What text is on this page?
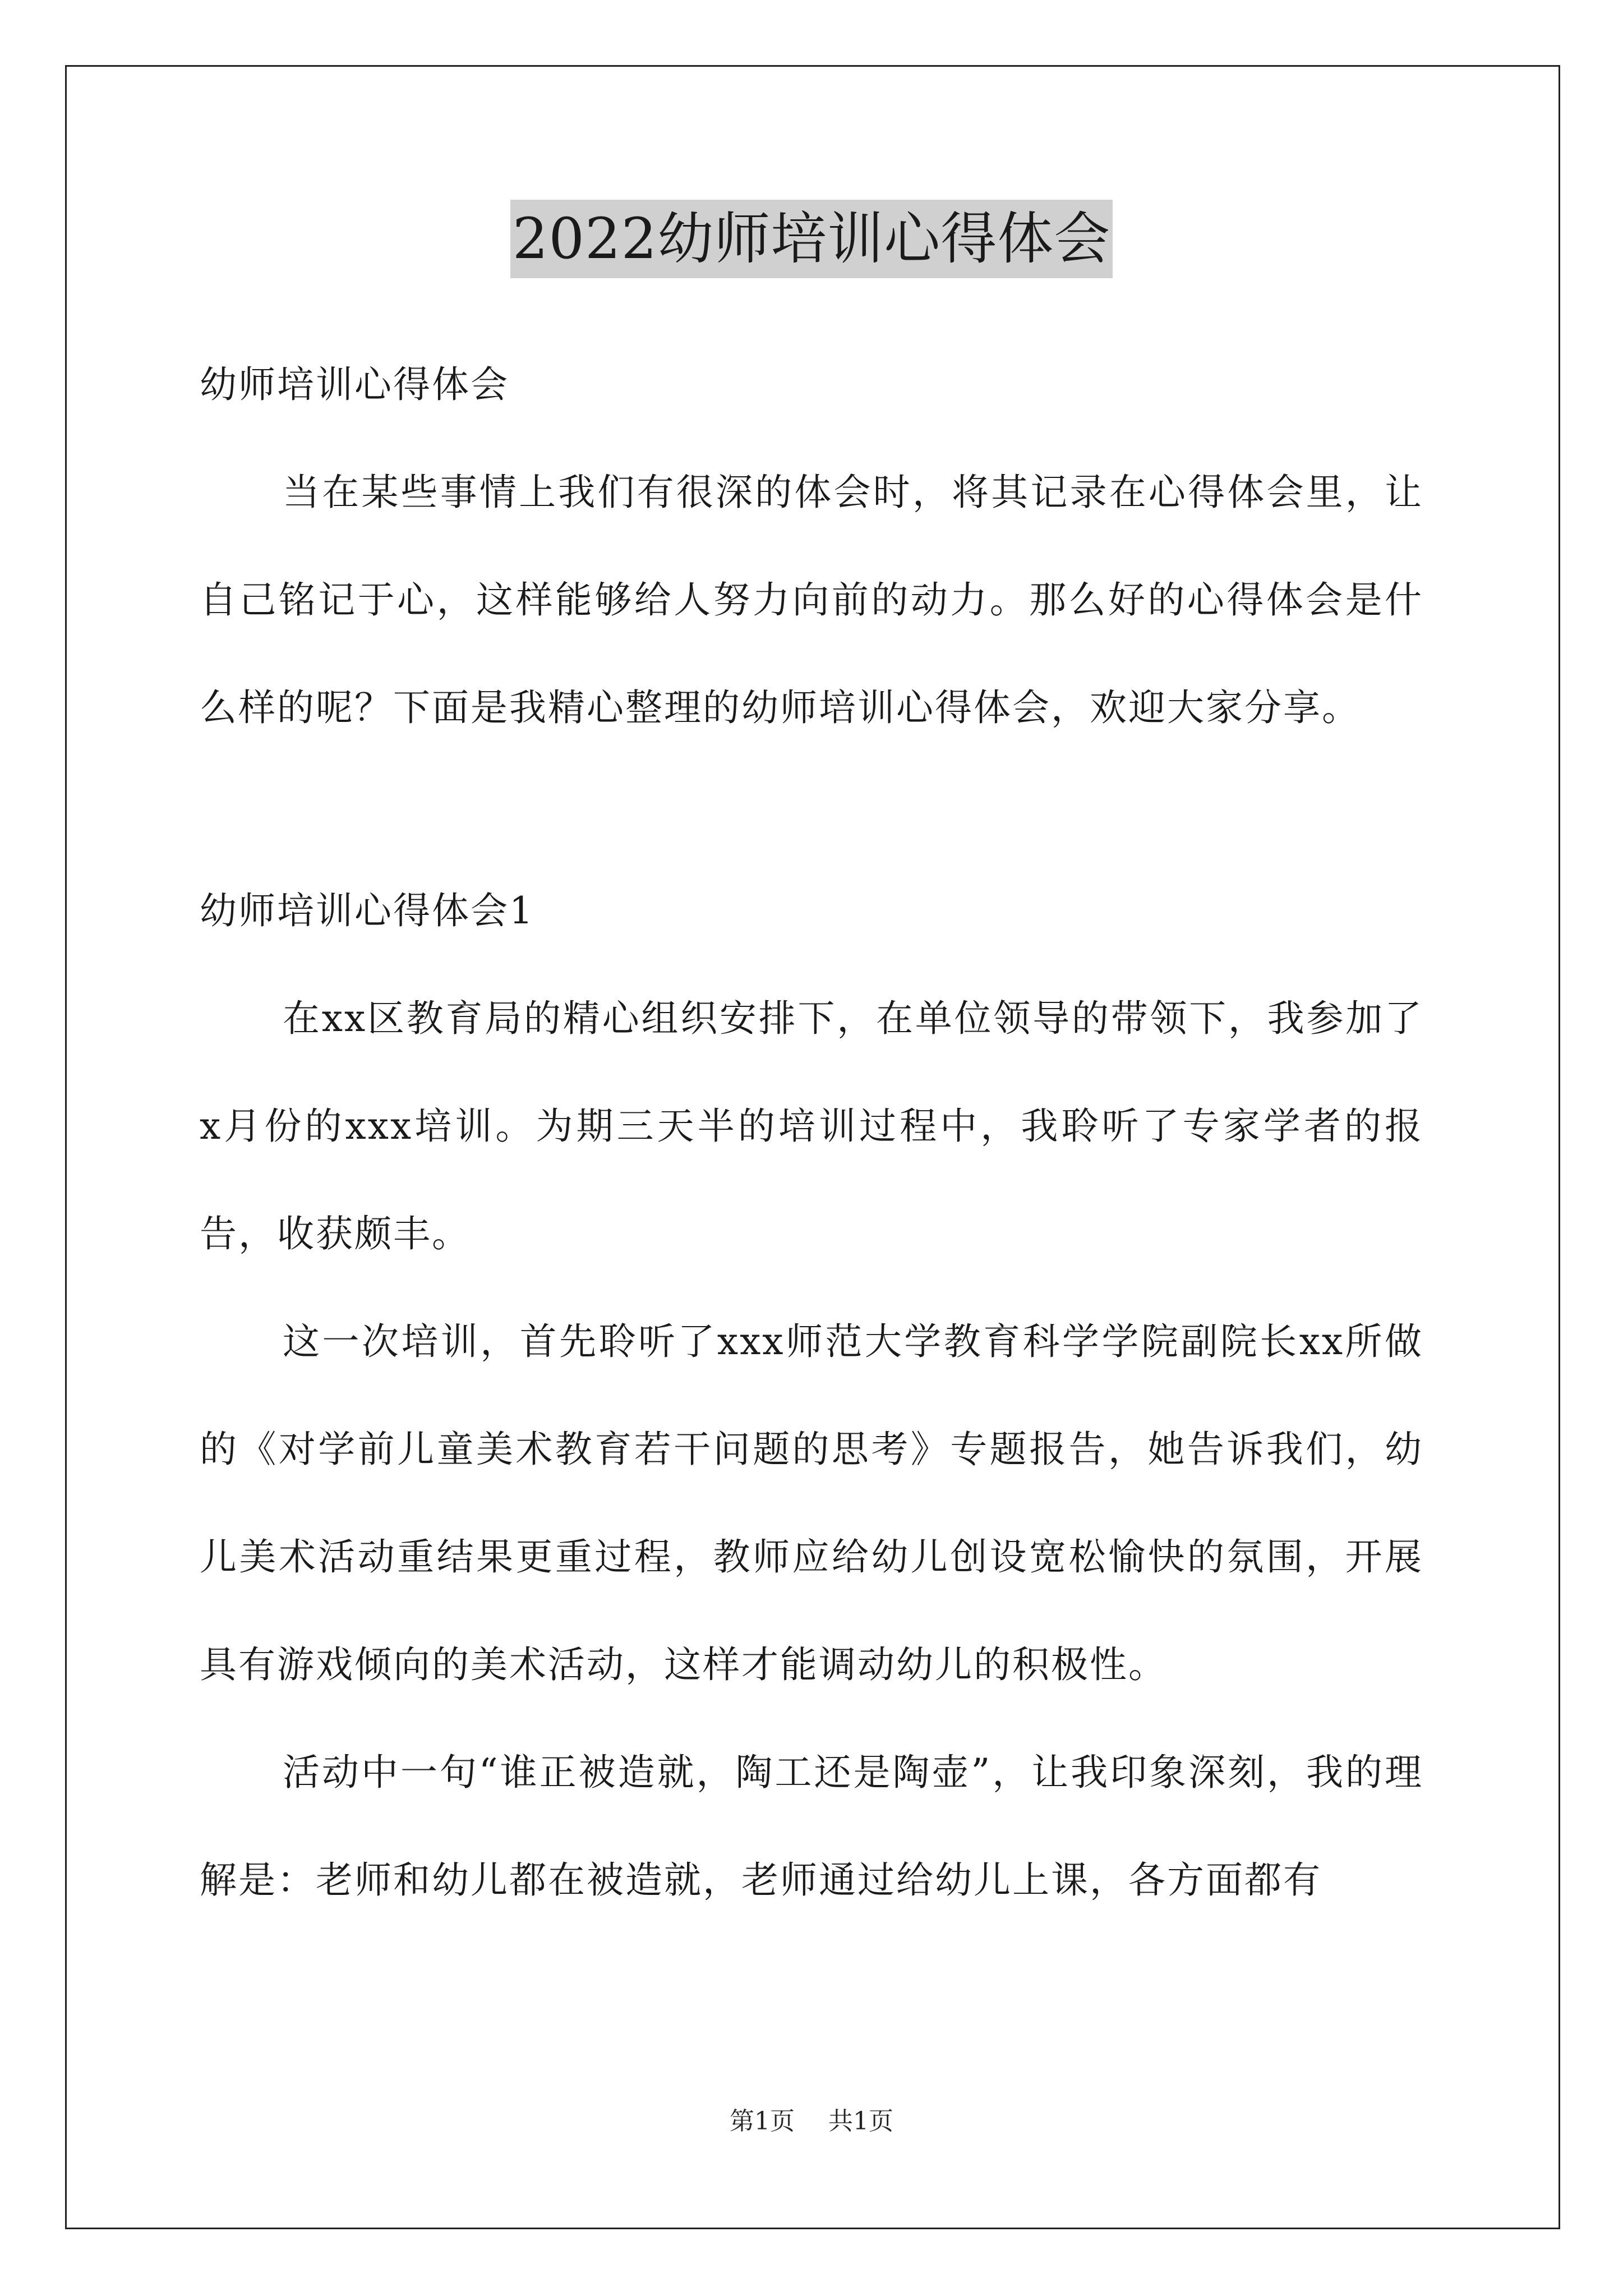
2022幼师培训心得体会

幼师培训心得体会

当在某些事情上我们有很深的体会时，将其记录在心得体会里，让自己铭记于心，这样能够给人努力向前的动力。那么好的心得体会是什么样的呢？下面是我精心整理的幼师培训心得体会，欢迎大家分享。

幼师培训心得体会1

在xx区教育局的精心组织安排下，在单位领导的带领下，我参加了x月份的xxx培训。为期三天半的培训过程中，我聆听了专家学者的报告，收获颇丰。

这一次培训，首先聆听了xxx师范大学教育科学学院副院长xx所做的《对学前儿童美术教育若干问题的思考》专题报告，她告诉我们，幼儿美术活动重结果更重过程，教师应给幼儿创设宽松愉快的氛围，开展具有游戏倾向的美术活动，这样才能调动幼儿的积极性。

活动中一句“谁正被造就，陶工还是陶壶”，让我印象深刻，我的理解是：老师和幼儿都在被造就，老师通过给幼儿上课，各方面都有

第1页 共1页
